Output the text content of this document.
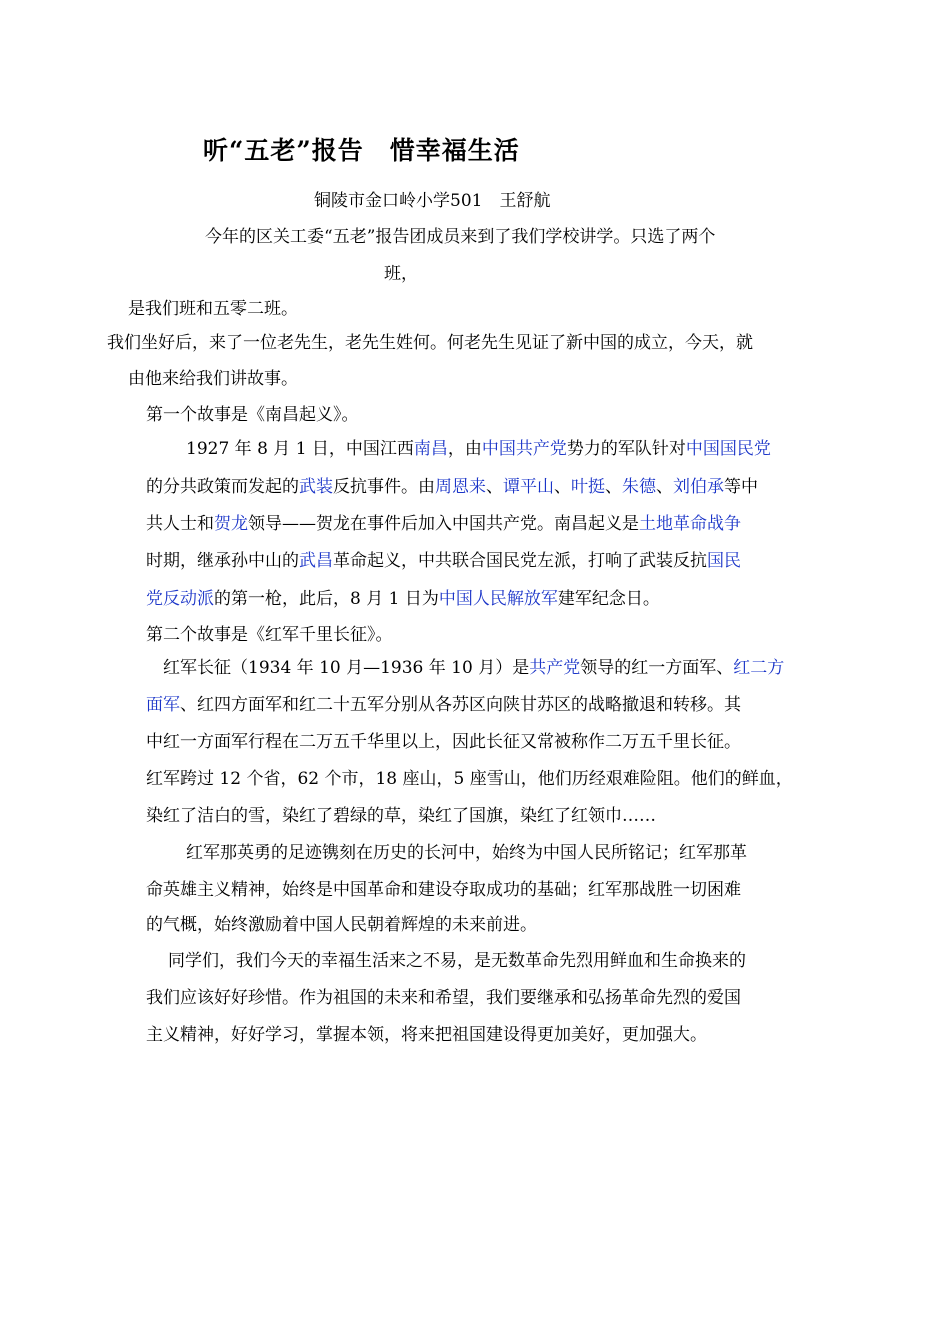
听“五老”报告　惜幸福生活
铜陵市金口岭小学501　王舒航
今年的区关工委“五老”报告团成员来到了我们学校讲学。只选了两个
班，
是我们班和五零二班。
我们坐好后，来了一位老先生，老先生姓何。何老先生见证了新中国的成立，今天，就
由他来给我们讲故事。
第一个故事是《南昌起义》。
1927 年 8 月 1 日，中国江西南昌，由中国共产党势力的军队针对中国国民党
的分共政策而发起的武装反抗事件。由周恩来、谭平山、叶挺、朱德、刘伯承等中
共人士和贺龙领导——贺龙在事件后加入中国共产党。南昌起义是土地革命战争
时期，继承孙中山的武昌革命起义，中共联合国民党左派，打响了武装反抗国民
党反动派的第一枪，此后，8 月 1 日为中国人民解放军建军纪念日。
第二个故事是《红军千里长征》。
红军长征（1934 年 10 月—1936 年 10 月）是共产党领导的红一方面军、红二方
面军、红四方面军和红二十五军分别从各苏区向陕甘苏区的战略撤退和转移。其
中红一方面军行程在二万五千华里以上，因此长征又常被称作二万五千里长征。
红军跨过 12 个省，62 个市，18 座山，5 座雪山，他们历经艰难险阻。他们的鲜血，
染红了洁白的雪，染红了碧绿的草，染红了国旗，染红了红领巾……
红军那英勇的足迹镌刻在历史的长河中，始终为中国人民所铭记；红军那革
命英雄主义精神，始终是中国革命和建设夺取成功的基础；红军那战胜一切困难
的气概，始终激励着中国人民朝着辉煌的未来前进。
同学们，我们今天的幸福生活来之不易，是无数革命先烈用鲜血和生命换来的
我们应该好好珍惜。作为祖国的未来和希望，我们要继承和弘扬革命先烈的爱国
主义精神，好好学习，掌握本领，将来把祖国建设得更加美好，更加强大。
